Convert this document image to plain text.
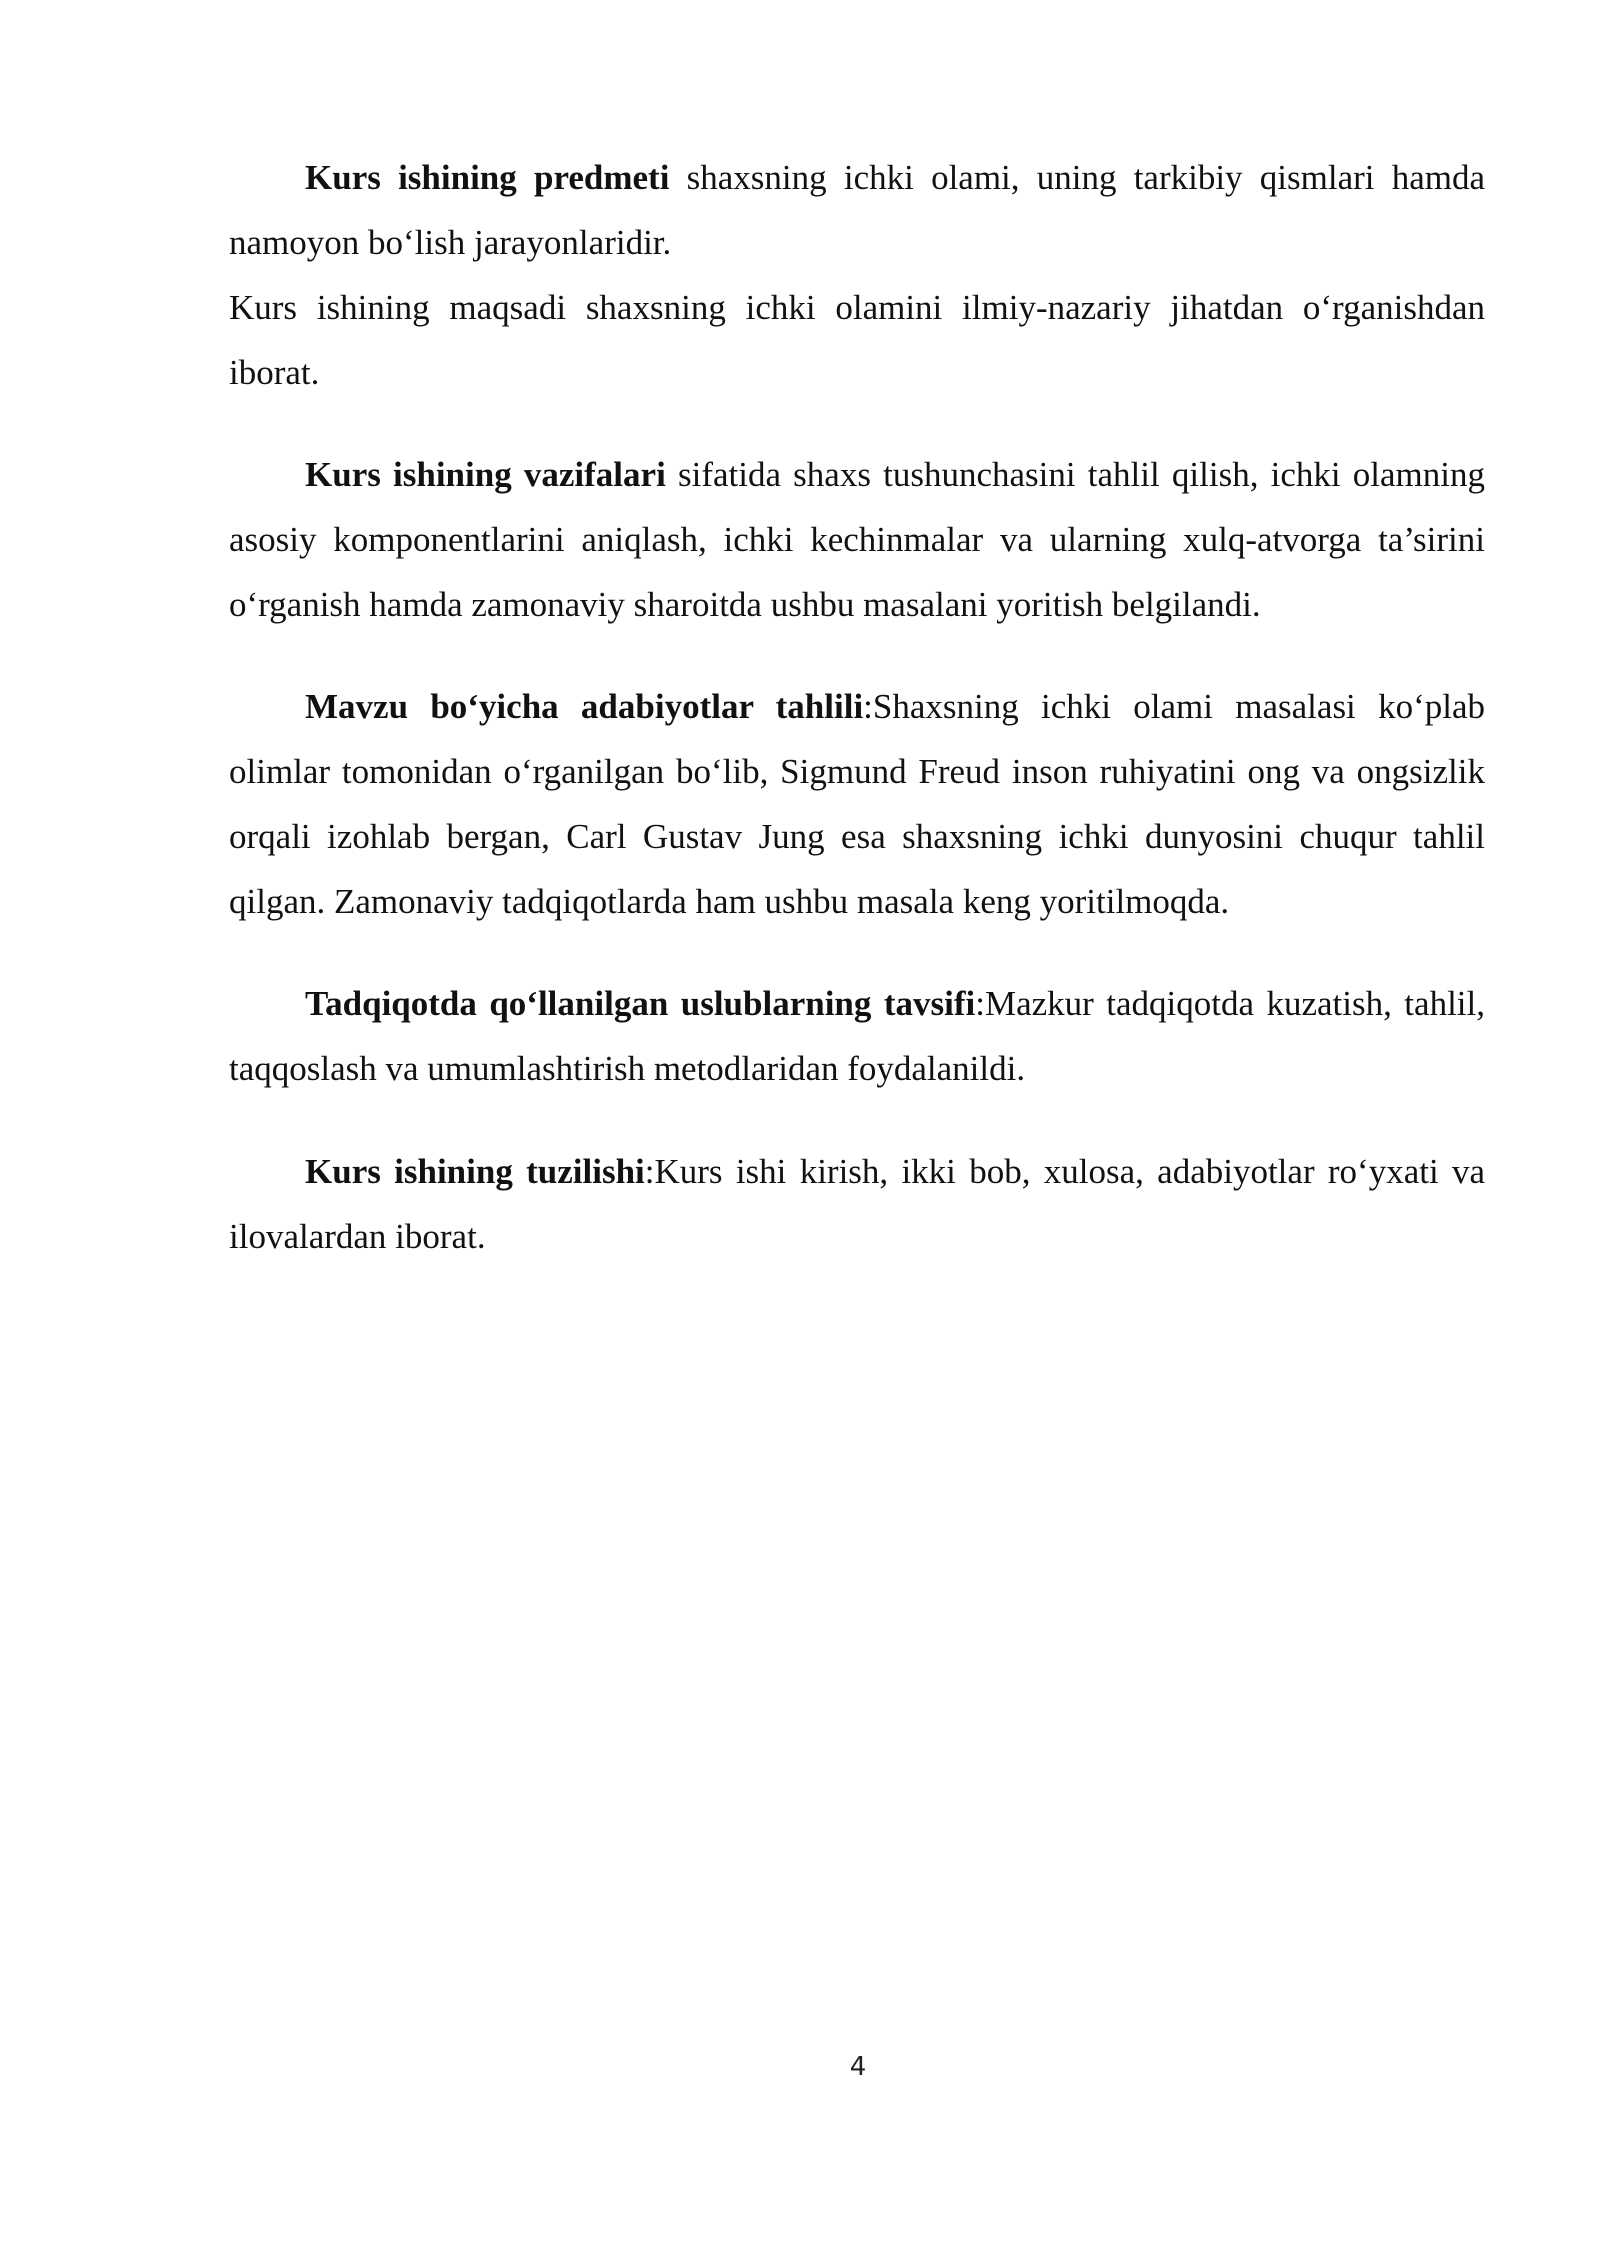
Kurs ishining predmeti shaxsning ichki olami, uning tarkibiy qismlari hamda namoyon bo‘lish jarayonlaridir.

Kurs ishining maqsadi shaxsning ichki olamini ilmiy-nazariy jihatdan o‘rganishdan iborat.

Kurs ishining vazifalari sifatida shaxs tushunchasini tahlil qilish, ichki olamning asosiy komponentlarini aniqlash, ichki kechinmalar va ularning xulq-atvorga ta’sirini o‘rganish hamda zamonaviy sharoitda ushbu masalani yoritish belgilandi.

Mavzu bo‘yicha adabiyotlar tahlili:Shaxsning ichki olami masalasi ko‘plab olimlar tomonidan o‘rganilgan bo‘lib, Sigmund Freud inson ruhiyatini ong va ongsizlik orqali izohlab bergan, Carl Gustav Jung esa shaxsning ichki dunyosini chuqur tahlil qilgan. Zamonaviy tadqiqotlarda ham ushbu masala keng yoritilmoqda.

Tadqiqotda qo‘llanilgan uslublarning tavsifi:Mazkur tadqiqotda kuzatish, tahlil, taqqoslash va umumlashtirish metodlaridan foydalanildi.

Kurs ishining tuzilishi:Kurs ishi kirish, ikki bob, xulosa, adabiyotlar ro‘yxati va ilovalardan iborat.

4
